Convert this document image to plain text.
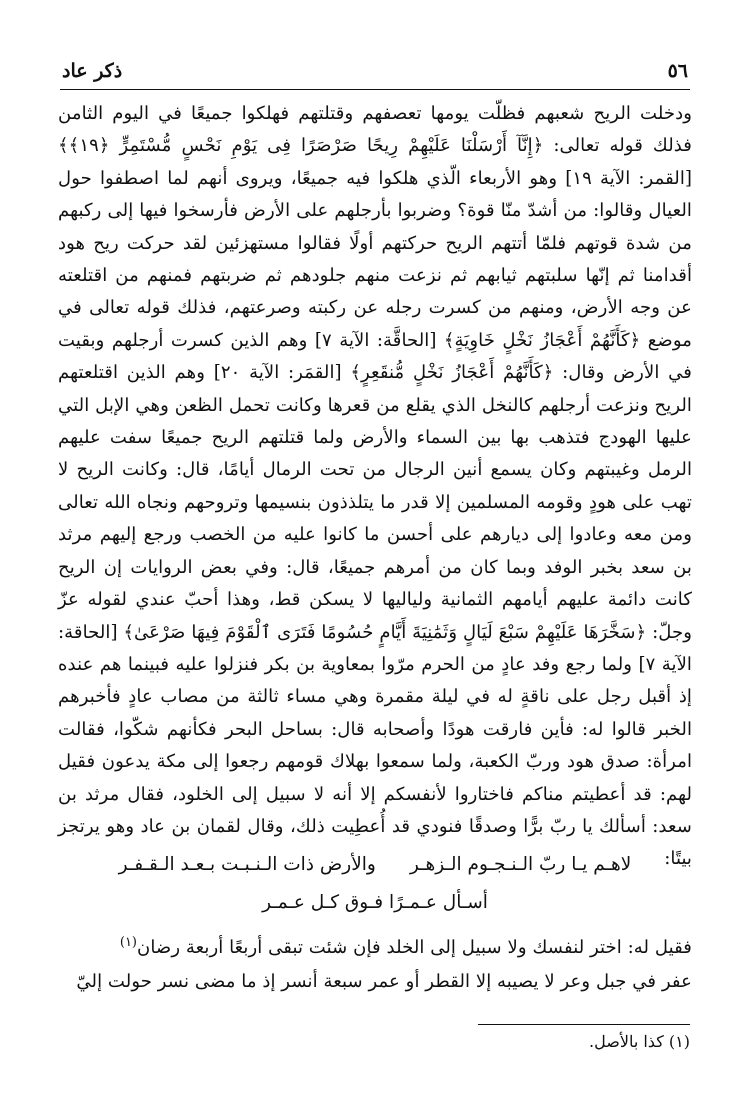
ذكر عاد	٥٦

ودخلت الريح شعبهم فظلّت يومها تعصفهم وقتلتهم فهلكوا جميعًا في اليوم الثامن فذلك قوله تعالى: ﴿إِنَّآ أَرْسَلْنَا عَلَيْهِمْ رِيحًا صَرْصَرًا فِى يَوْمِ نَحْسٍ مُّسْتَمِرٍّ ﴿١٩﴾﴾ [القمر: الآية ١٩] وهو الأربعاء الّذي هلكوا فيه جميعًا، ويروى أنهم لما اصطفوا حول العيال وقالوا: من أشدّ منّا قوة؟ وضربوا بأرجلهم على الأرض فأرسخوا فيها إلى ركبهم من شدة قوتهم فلمّا أتتهم الريح حركتهم أولًا فقالوا مستهزئين لقد حركت ريح هود أقدامنا ثم إنّها سلبتهم ثيابهم ثم نزعت منهم جلودهم ثم ضربتهم فمنهم من اقتلعته عن وجه الأرض، ومنهم من كسرت رجله عن ركبته وصرعتهم، فذلك قوله تعالى في موضع ﴿كَأَنَّهُمْ أَعْجَازُ نَخْلٍ خَاوِيَةٍ﴾ [الحاقَّة: الآية ٧] وهم الذين كسرت أرجلهم وبقيت في الأرض وقال: ﴿كَأَنَّهُمْ أَعْجَازُ نَخْلٍ مُّنقَعِرٍ﴾ [القمَر: الآية ٢٠] وهم الذين اقتلعتهم الريح ونزعت أرجلهم كالنخل الذي يقلع من قعرها وكانت تحمل الظعن وهي الإبل التي عليها الهودج فتذهب بها بين السماء والأرض ولما قتلتهم الريح جميعًا سفت عليهم الرمل وغيبتهم وكان يسمع أنين الرجال من تحت الرمال أيامًا، قال: وكانت الريح لا تهب على هودٍ وقومه المسلمين إلا قدر ما يتلذذون بنسيمها وتروحهم ونجاه الله تعالى ومن معه وعادوا إلى ديارهم على أحسن ما كانوا عليه من الخصب ورجع إليهم مرثد بن سعد بخبر الوفد وبما كان من أمرهم جميعًا، قال: وفي بعض الروايات إن الريح كانت دائمة عليهم أيامهم الثمانية ولياليها لا يسكن قط، وهذا أحبّ عندي لقوله عزّ وجلّ: ﴿سَخَّرَهَا عَلَيْهِمْ سَبْعَ لَيَالٍ وَثَمَٰنِيَةَ أَيَّامٍ حُسُومًا فَتَرَى ٱلْقَوْمَ فِيهَا صَرْعَىٰ﴾ [الحاقة: الآية ٧] ولما رجع وفد عادٍ من الحرم مرّوا بمعاوية بن بكر فنزلوا عليه فبينما هم عنده إذ أقبل رجل على ناقةٍ له في ليلة مقمرة وهي مساء ثالثة من مصاب عادٍ فأخبرهم الخبر قالوا له: فأين فارقت هودًا وأصحابه قال: بساحل البحر فكأنهم شكّوا، فقالت امرأة: صدق هود وربّ الكعبة، ولما سمعوا بهلاك قومهم رجعوا إلى مكة يدعون فقيل لهم: قد أعطيتم مناكم فاختاروا لأنفسكم إلا أنه لا سبيل إلى الخلود، فقال مرثد بن سعد: أسألك يا ربّ برًّا وصدقًا فنودي قد أُعطِيت ذلك، وقال لقمان بن عاد وهو يرتجز بيتًا:

لاهـم يـا ربّ الـنـجـوم الـزهـر
والأرض ذات الـنـبـت بـعـد الـقـفـر
أسـأل عـمـرًا فـوق كـل عـمـر

فقيل له: اختر لنفسك ولا سبيل إلى الخلد فإن شئت تبقى أربعًا أربعة رضان$^{(١)}$

عفر في جبل وعر لا يصيبه إلا القطر أو عمر سبعة أنسر إذ ما مضى نسر حولت إليّ

(١) كذا بالأصل.
